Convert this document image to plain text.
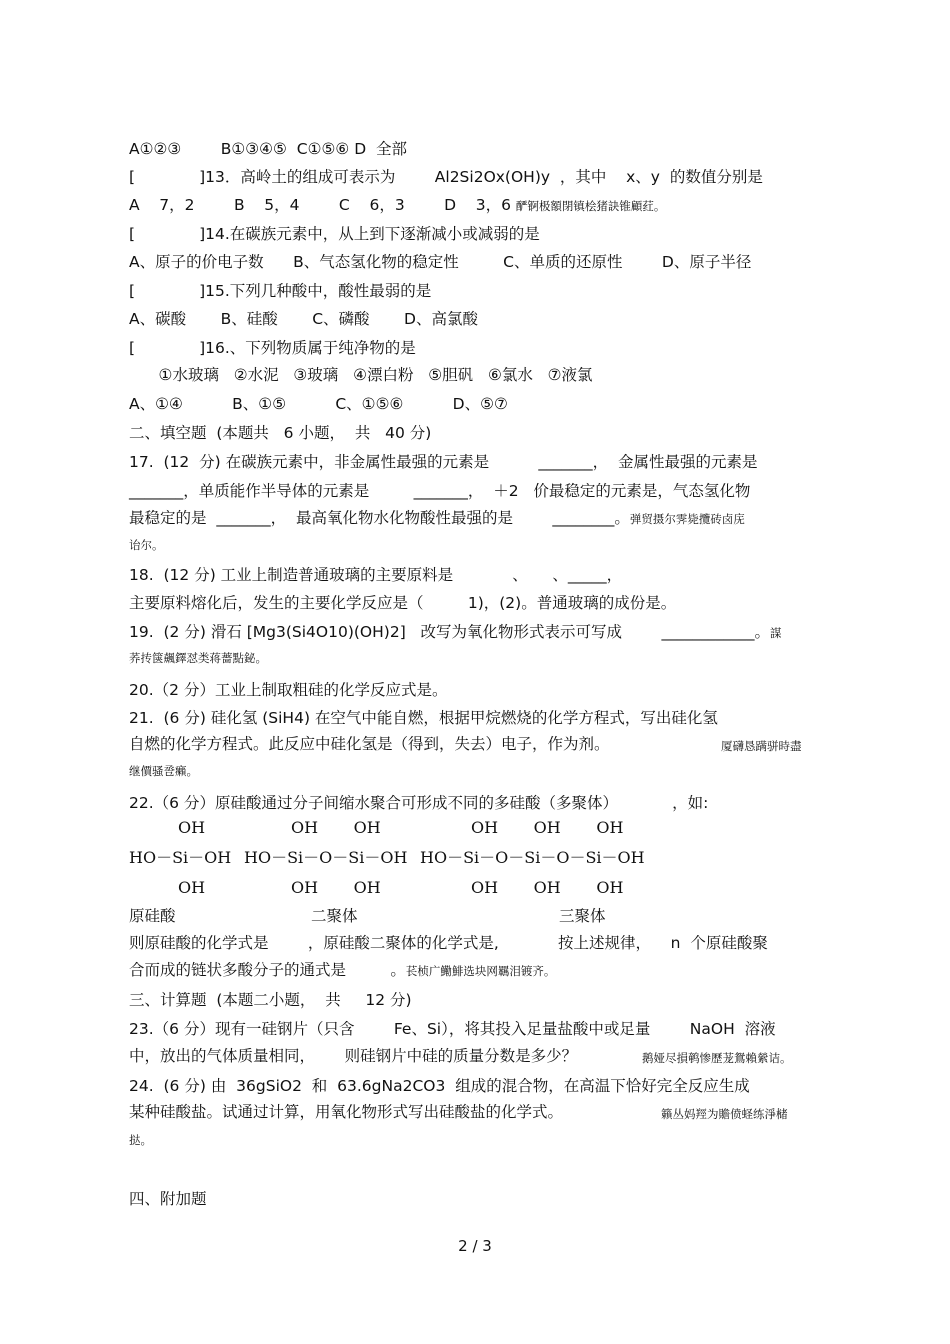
A①②③        B①③④⑤  C①⑤⑥ D  全部
[             ]13．高岭土的组成可表示为        Al2Si2Ox(OH)y  ，其中    x、y  的数值分别是
A    7，2        B    5，4        C    6，3        D    3，6 酽锕极額閉镇桧猪訣锥顧荭。
[             ]14.在碳族元素中，从上到下逐渐减小或减弱的是
A、原子的价电子数      B、气态氢化物的稳定性         C、单质的还原性        D、原子半径
[             ]15.下列几种酸中，酸性最弱的是
A、碳酸       B、硅酸       C、磷酸       D、高氯酸
[             ]16.、下列物质属于纯净物的是
①水玻璃   ②水泥   ③玻璃   ④漂白粉   ⑤胆矾   ⑥氯水   ⑦液氯
A、①④          B、①⑤          C、①⑤⑥          D、⑤⑦
二、填空题  (本题共   6 小题，  共   40 分)
17.  (12  分) 在碳族元素中，非金属性最强的元素是          _______，  金属性最强的元素是
_______，单质能作半导体的元素是         _______，  ＋2   价最稳定的元素是，气态氢化物
最稳定的是  _______，  最高氧化物水化物酸性最强的是        ________。弹贸摄尔霁毙攬砖卤庑
诒尔。
18.  (12 分) 工业上制造普通玻璃的主要原料是            、     、_____，
主要原料熔化后，发生的主要化学反应是（         1)，(2)。普通玻璃的成份是。
19.  (2 分) 滑石 [Mg3(Si4O10)(OH)2]   改写为氧化物形式表示可写成        ____________。謀
荞抟箧飆鐸怼类蒋薔點鉍。
20.（2 分）工业上制取粗硅的化学反应式是。
21.  (6 分) 硅化氢 (SiH4) 在空气中能自燃，根据甲烷燃烧的化学方程式，写出硅化氢
自燃的化学方程式。此反应中硅化氢是（得到，失去）电子，作为剂。	厦礴恳蹒骈時盡
继價骚卺癩。
22.（6 分）原硅酸通过分子间缩水聚合可形成不同的多硅酸（多聚体）           ，如:
OH
HO－Si－OH
OH
OH       OH
HO－Si－O－Si－OH
OH       OH
OH       OH       OH
HO－Si－O－Si－O－Si－OH
OH       OH       OH
原硅酸	二聚体	三聚体
则原硅酸的化学式是        ，原硅酸二聚体的化学式是,            按上述规律，    n  个原硅酸聚
合而成的链状多酸分子的通式是         。苌桢广鰳鯡选块网羈泪镀齐。
三、计算题  (本题二小题，  共     12 分)
23.（6 分）现有一硅钢片（只含        Fe、Si），将其投入足量盐酸中或足量        NaOH  溶液
中，放出的气体质量相同，      则硅钢片中硅的质量分数是多少？	鹅娅尽損鹌惨歷茏鴛賴縈诘。
24.  (6 分) 由  36gSiO2  和  63.6gNa2CO3  组成的混合物，在高温下恰好完全反应生成
某种硅酸盐。试通过计算，用氧化物形式写出硅酸盐的化学式。	籟丛妈羥为贍偾蛏练淨槠
挞。
四、附加题
2 / 3
